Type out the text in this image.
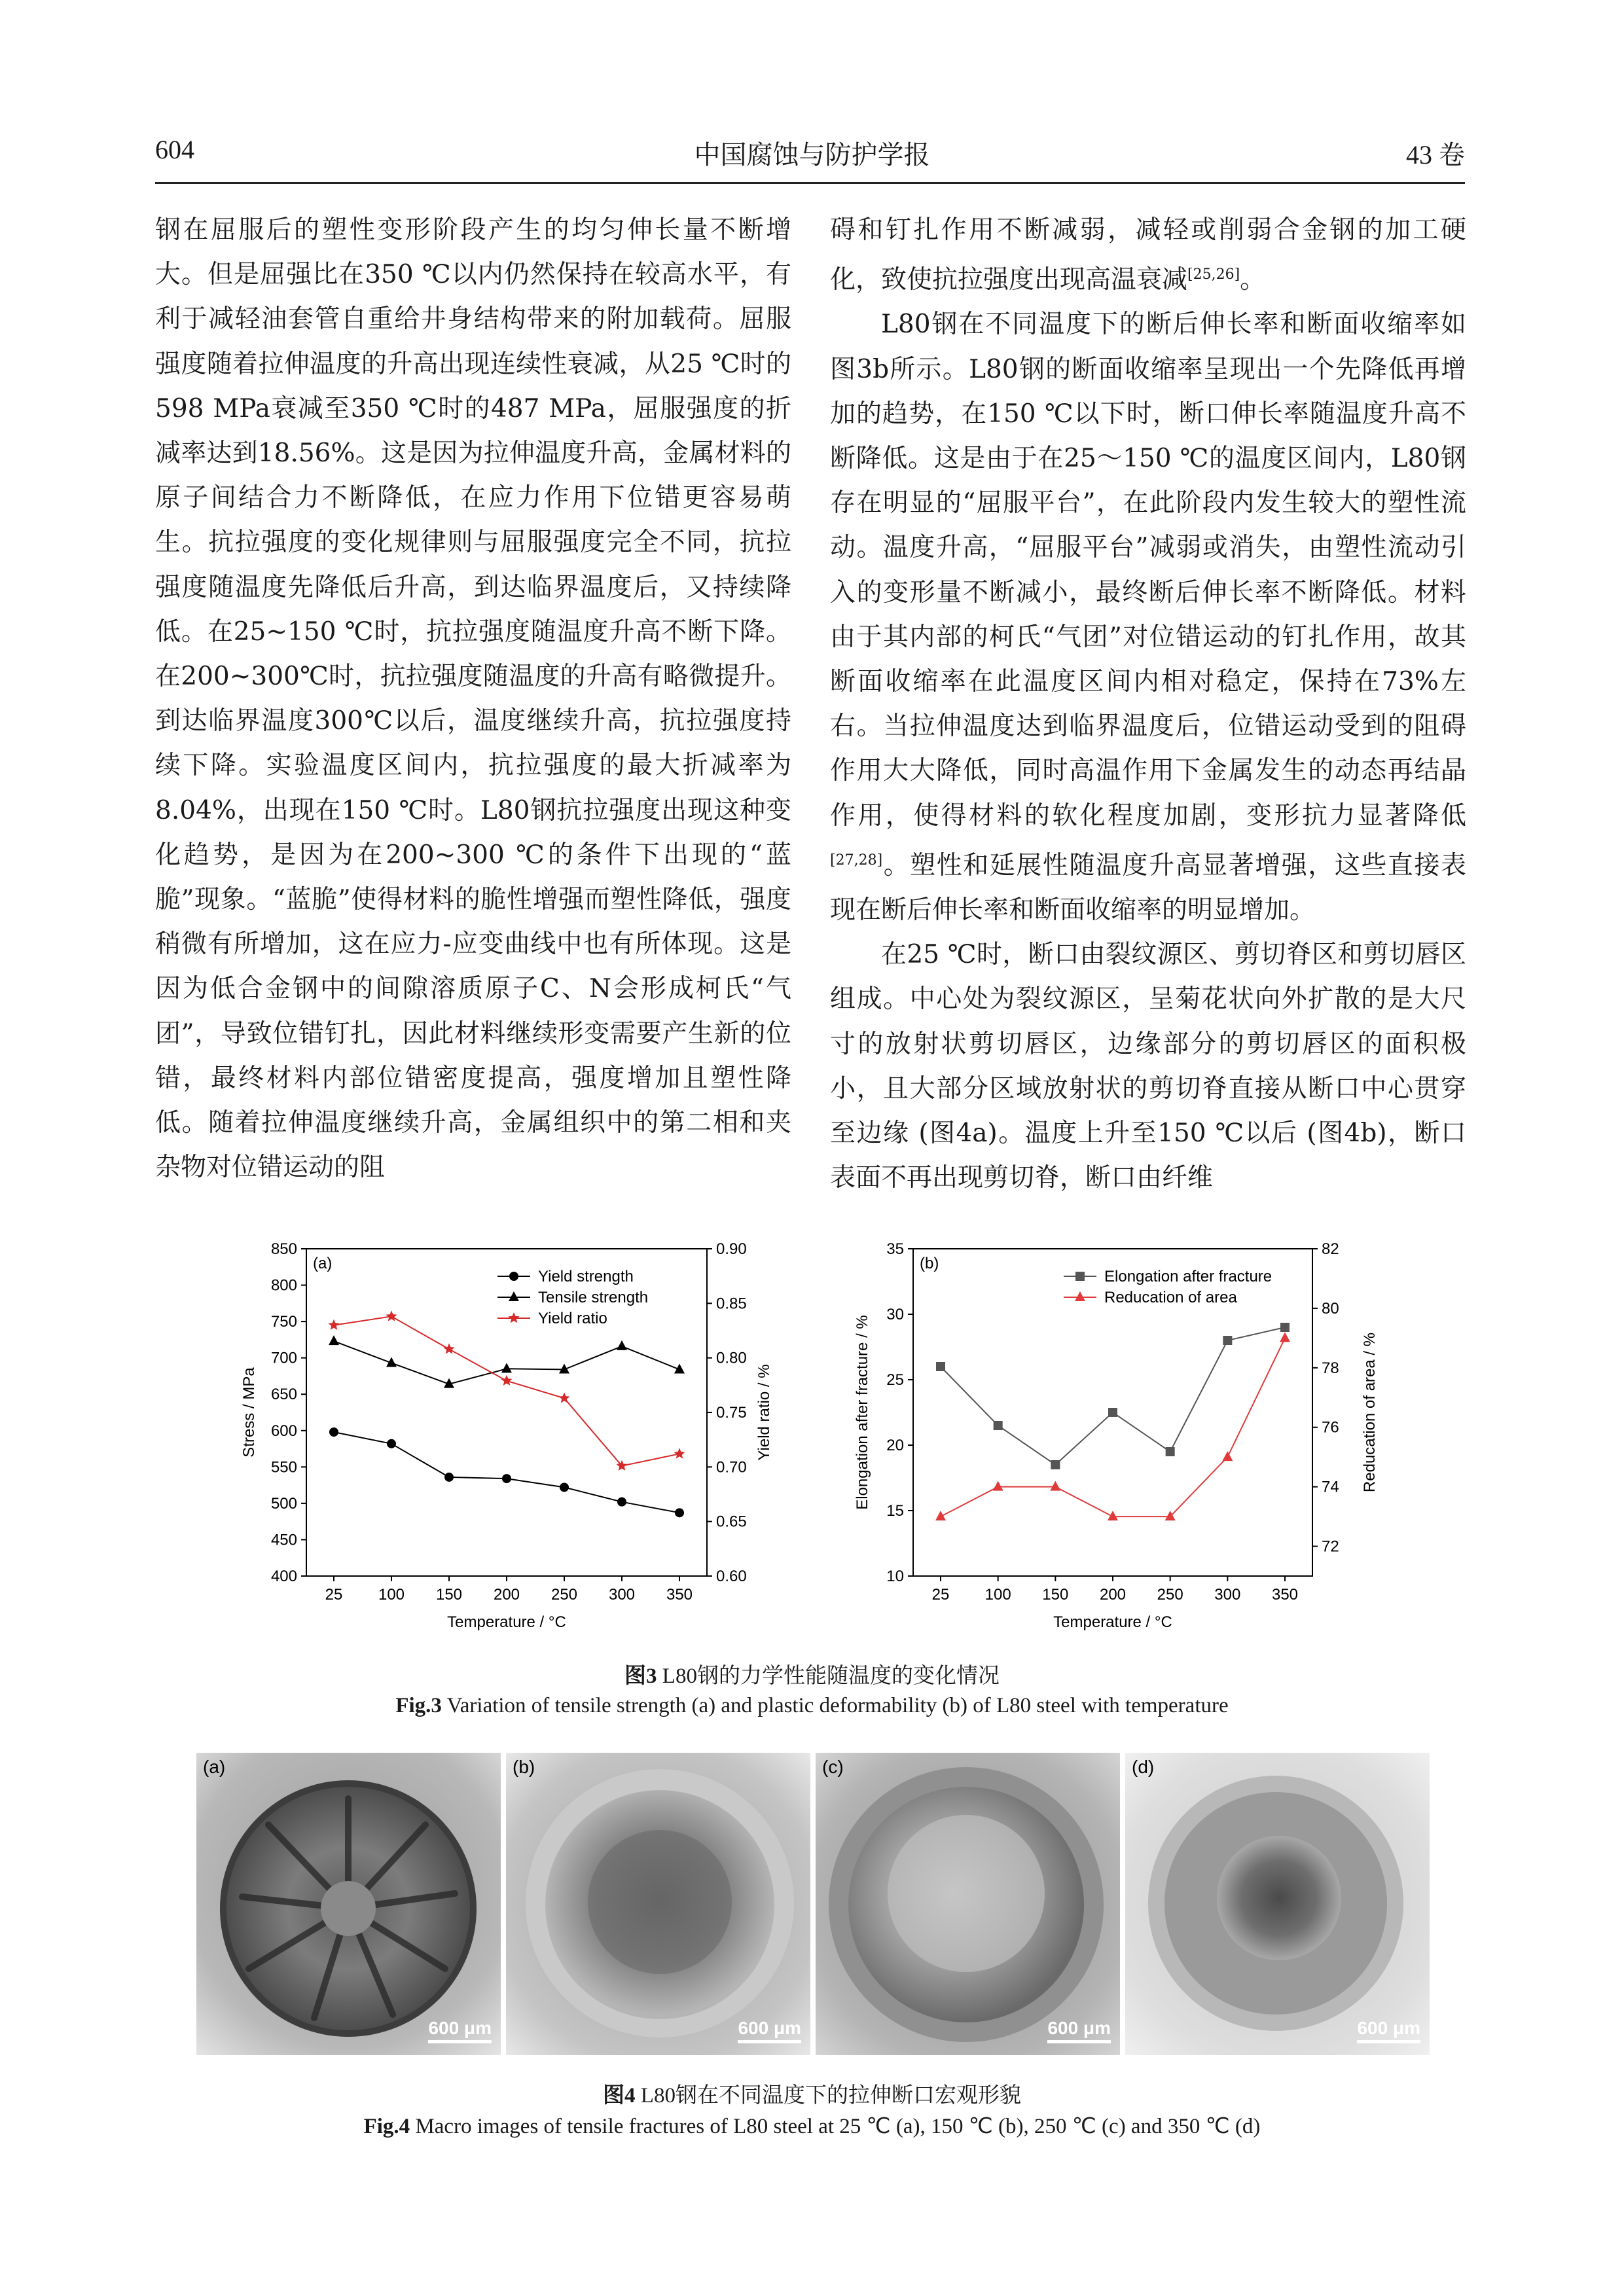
604	中国腐蚀与防护学报	43 卷

钢在屈服后的塑性变形阶段产生的均匀伸长量不断增大。但是屈强比在350 ℃以内仍然保持在较高水平，有利于减轻油套管自重给井身结构带来的附加载荷。屈服强度随着拉伸温度的升高出现连续性衰减，从25 ℃时的598 MPa衰减至350 ℃时的487 MPa，屈服强度的折减率达到18.56%。这是因为拉伸温度升高，金属材料的原子间结合力不断降低，在应力作用下位错更容易萌生。抗拉强度的变化规律则与屈服强度完全不同，抗拉强度随温度先降低后升高，到达临界温度后，又持续降低。在25~150 ℃时，抗拉强度随温度升高不断下降。在200~300℃时，抗拉强度随温度的升高有略微提升。到达临界温度300℃以后，温度继续升高，抗拉强度持续下降。实验温度区间内，抗拉强度的最大折减率为8.04%，出现在150 ℃时。L80钢抗拉强度出现这种变化趋势，是因为在200~300 ℃的条件下出现的“蓝脆”现象。“蓝脆”使得材料的脆性增强而塑性降低，强度稍微有所增加，这在应力-应变曲线中也有所体现。这是因为低合金钢中的间隙溶质原子C、N会形成柯氏“气团”，导致位错钉扎，因此材料继续形变需要产生新的位错，最终材料内部位错密度提高，强度增加且塑性降低。随着拉伸温度继续升高，金属组织中的第二相和夹杂物对位错运动的阻

碍和钉扎作用不断减弱，减轻或削弱合金钢的加工硬化，致使抗拉强度出现高温衰减[25,26]。

L80钢在不同温度下的断后伸长率和断面收缩率如图3b所示。L80钢的断面收缩率呈现出一个先降低再增加的趋势，在150 ℃以下时，断口伸长率随温度升高不断降低。这是由于在25～150 ℃的温度区间内，L80钢存在明显的“屈服平台”，在此阶段内发生较大的塑性流动。温度升高，“屈服平台”减弱或消失，由塑性流动引入的变形量不断减小，最终断后伸长率不断降低。材料由于其内部的柯氏“气团”对位错运动的钉扎作用，故其断面收缩率在此温度区间内相对稳定，保持在73%左右。当拉伸温度达到临界温度后，位错运动受到的阻碍作用大大降低，同时高温作用下金属发生的动态再结晶作用，使得材料的软化程度加剧，变形抗力显著降低[27,28]。塑性和延展性随温度升高显著增强，这些直接表现在断后伸长率和断面收缩率的明显增加。

在25 ℃时，断口由裂纹源区、剪切脊区和剪切唇区组成。中心处为裂纹源区，呈菊花状向外扩散的是大尺寸的放射状剪切唇区，边缘部分的剪切唇区的面积极小，且大部分区域放射状的剪切脊直接从断口中心贯穿至边缘 (图4a)。温度上升至150 ℃以后 (图4b)，断口表面不再出现剪切脊，断口由纤维

(a)
25 100 150 200 250 300 350
400
450
500
550
600
650
700
750
800
850
0.60
0.65
0.70
0.75
0.80
0.85
0.90
Temperature / °C
Stress / MPa	Yield ratio / %
Yield strength
Tensile strength
Yield ratio
(b)
25 100 150 200 250 300 350
10
15
20
25
30
35
72
74
76
78
80
82
Temperature / °C
Elongation after fracture / %	Reducation of area / %
Elongation after fracture
Reducation of area
图3 L80钢的力学性能随温度的变化情况
Fig.3 Variation of tensile strength (a) and plastic deformability (b) of L80 steel with temperature
(a)
600 μm
(b)
600 μm
(c)
600 μm
(d)
600 μm
图4 L80钢在不同温度下的拉伸断口宏观形貌
Fig.4 Macro images of tensile fractures of L80 steel at 25 ℃ (a), 150 ℃ (b), 250 ℃ (c) and 350 ℃ (d)
